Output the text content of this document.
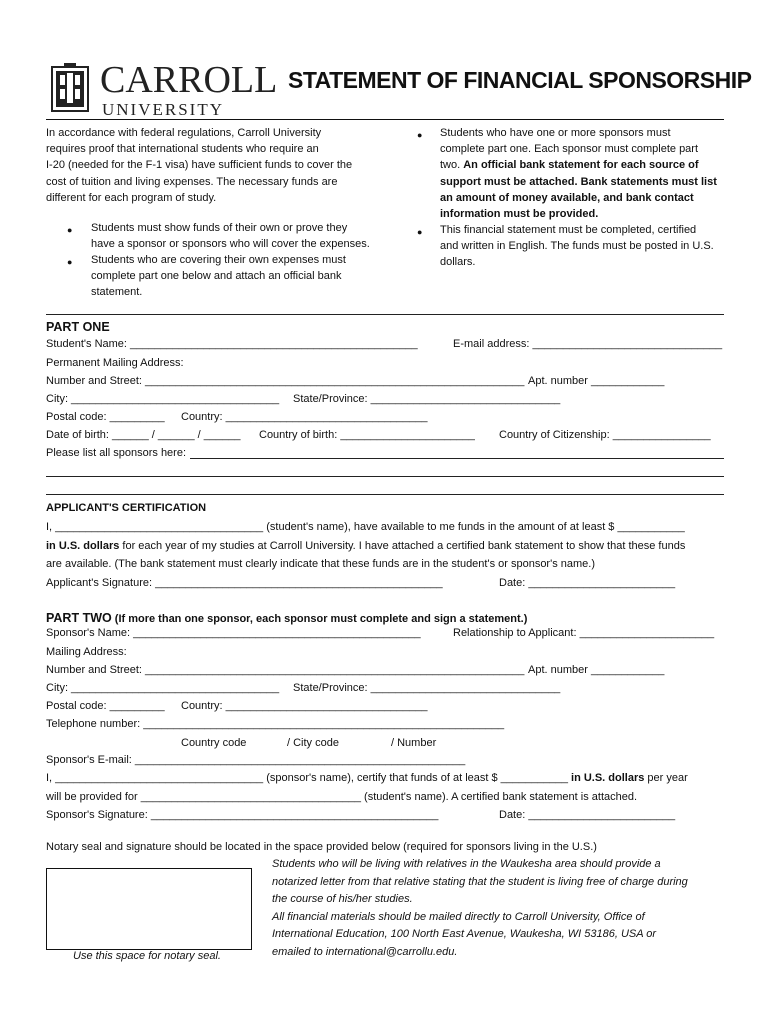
CARROLL
UNIVERSITY
STATEMENT OF FINANCIAL SPONSORSHIP
In accordance with federal regulations, Carroll University
requires proof that international students who require an
I-20 (needed for the F-1 visa) have sufficient funds to cover the
cost of tuition and living expenses. The necessary funds are
different for each program of study.
● Students must show funds of their own or prove they
have a sponsor or sponsors who will cover the expenses.
● Students who are covering their own expenses must
complete part one below and attach an official bank
statement.
● Students who have one or more sponsors must
complete part one. Each sponsor must complete part
two. An official bank statement for each source of
support must be attached. Bank statements must list
an amount of money available, and bank contact
information must be provided.
● This financial statement must be completed, certified
and written in English. The funds must be posted in U.S.
dollars.
PART ONE
Student's Name: _______________________________________________	E-mail address: _______________________________
Permanent Mailing Address:
Number and Street: ______________________________________________________________ Apt. number ____________
City: __________________________________ State/Province: _______________________________
Postal code: _________ Country: _________________________________
Date of birth: ______ / ______ / ______ Country of birth: ______________________ Country of Citizenship: ________________
Please list all sponsors here:
APPLICANT'S CERTIFICATION
I, __________________________________ (student's name), have available to me funds in the amount of at least $ ___________
in U.S. dollars for each year of my studies at Carroll University. I have attached a certified bank statement to show that these funds
are available. (The bank statement must clearly indicate that these funds are in the student's or sponsor's name.)
Applicant's Signature: _______________________________________________	Date: ________________________
PART TWO (If more than one sponsor, each sponsor must complete and sign a statement.)
Sponsor's Name: _______________________________________________	Relationship to Applicant: ______________________
Mailing Address:
Number and Street: ______________________________________________________________ Apt. number ____________
City: __________________________________ State/Province: _______________________________
Postal code: _________ Country: _________________________________
Telephone number: ___________________________________________________________
Country code	/ City code	/ Number
Sponsor's E-mail: ______________________________________________________
I, __________________________________ (sponsor's name), certify that funds of at least $ ___________ in U.S. dollars per year
will be provided for ____________________________________ (student's name). A certified bank statement is attached.
Sponsor's Signature: _______________________________________________	Date: ________________________
Notary seal and signature should be located in the space provided below (required for sponsors living in the U.S.)
Use this space for notary seal.
Students who will be living with relatives in the Waukesha area should provide a
notarized letter from that relative stating that the student is living free of charge during
the course of his/her studies.
All financial materials should be mailed directly to Carroll University, Office of
International Education, 100 North East Avenue, Waukesha, WI 53186, USA or
emailed to international@carrollu.edu.
